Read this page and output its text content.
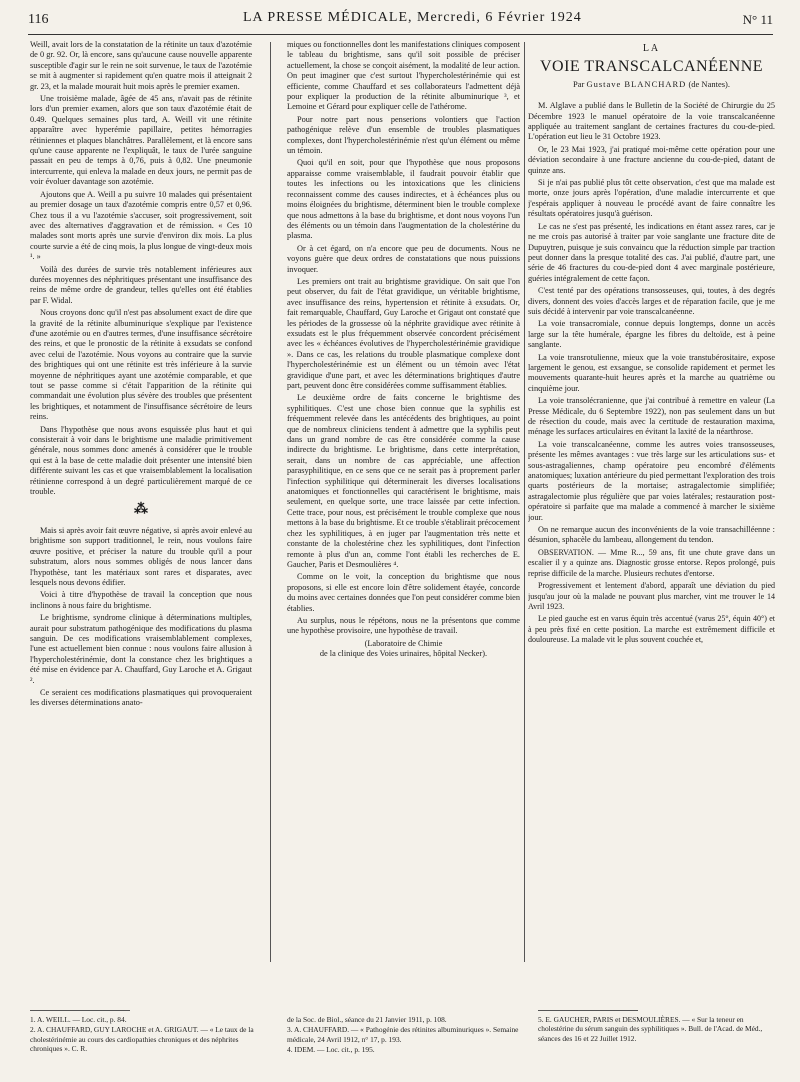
116	LA PRESSE MÉDICALE, Mercredi, 6 Février 1924	N° 11

Weill, avait lors de la constatation de la rétinite un taux d'azotémie de 0 gr. 92. Or, là encore, sans qu'aucune cause nouvelle apparente susceptible d'agir sur le rein ne soit survenue, le taux de l'azotémie se mit à augmenter si rapidement qu'en quatre mois il atteignait 2 gr. 23, et la malade mourait huit mois après le premier examen.

Une troisième malade, âgée de 45 ans, n'avait pas de rétinite lors d'un premier examen, alors que son taux d'azotémie était de 0.49. Quelques semaines plus tard, A. Weill vit une rétinite apparaître avec hyperémie papillaire, petites hémorragies rétiniennes et plaques blanchâtres. Parallèlement, et là encore sans qu'une cause apparente ne l'expliquât, le taux de l'urée sanguine passait en peu de temps à 0,76, puis à 0,82. Une pneumonie intercurrente, qui enleva la malade en deux jours, ne permit pas de voir évoluer davantage son azotémie.

Ajoutons que A. Weill a pu suivre 10 malades qui présentaient au premier dosage un taux d'azotémie compris entre 0,57 et 0,96. Chez tous il a vu l'azotémie s'accuser, soit progressivement, soit avec des alternatives d'aggravation et de rémission. « Ces 10 malades sont morts après une survie d'environ dix mois. La plus courte survie a été de cinq mois, la plus longue de vingt-deux mois ¹. »

Voilà des durées de survie très notablement inférieures aux durées moyennes des néphritiques présentant une insuffisance des reins de même ordre de grandeur, telles qu'elles ont été établies par F. Widal.

Nous croyons donc qu'il n'est pas absolument exact de dire que la gravité de la rétinite albuminurique s'explique par l'existence d'une azotémie ou en d'autres termes, d'une insuffisance sécrétoire des reins, et que le pronostic de la rétinite à exsudats se confond avec celui de l'azotémie. Nous voyons au contraire que la survie des brightiques qui ont une rétinite est très inférieure à la survie moyenne de néphritiques ayant une azotémie comparable, et que tout se passe comme si c'était l'apparition de la rétinite qui commandait une évolution plus sévère des troubles que présentent les brightiques, et notamment de l'insuffisance sécrétoire de leurs reins.

Dans l'hypothèse que nous avons esquissée plus haut et qui consisterait à voir dans le brightisme une maladie primitivement générale, nous sommes donc amenés à considérer que le trouble qui est à la base de cette maladie doit présenter une intensité bien différente suivant les cas et que vraisemblablement la localisation rétinienne correspond à un degré particulièrement marqué de ce trouble.

⁂

Mais si après avoir fait œuvre négative, si après avoir enlevé au brightisme son support traditionnel, le rein, nous voulons faire œuvre positive, et préciser la nature du trouble qu'il a pour substratum, alors nous sommes obligés de nous lancer dans l'hypothèse, tant les matériaux sont rares et disparates, avec lesquels nous devons édifier.

Voici à titre d'hypothèse de travail la conception que nous inclinons à nous faire du brightisme.

Le brightisme, syndrome clinique à déterminations multiples, aurait pour substratum pathogénique des modifications du plasma sanguin. De ces modifications vraisemblablement complexes, l'une est actuellement bien connue : nous voulons faire allusion à l'hypercholestérinémie, dont la constance chez les brightiques a été mise en évidence par A. Chauffard, Guy Laroche et A. Grigaut ².

Ce seraient ces modifications plasmatiques qui provoqueraient les diverses déterminations anato-

miques ou fonctionnelles dont les manifestations cliniques composent le tableau du brightisme, sans qu'il soit possible de préciser actuellement, la chose se conçoit aisément, la modalité de leur action. On peut imaginer que c'est surtout l'hypercholestérinémie qui est efficiente, comme Chauffard et ses collaborateurs l'admettent déjà pour expliquer la production de la rétinite albuminurique ³, et Lemoine et Gérard pour expliquer celle de l'athérome.

Pour notre part nous penserions volontiers que l'action pathogénique relève d'un ensemble de troubles plasmatiques complexes, dont l'hypercholestérinémie n'est qu'un élément ou même un témoin.

Quoi qu'il en soit, pour que l'hypothèse que nous proposons apparaisse comme vraisemblable, il faudrait pouvoir établir que toutes les infections ou les intoxications que les cliniciens reconnaissent comme des causes indirectes, et à échéances plus ou moins éloignées du brightisme, déterminent bien le trouble complexe que nous admettons à la base du brightisme, et dont nous voyons l'un des éléments ou un témoin dans l'augmentation de la cholestérine du plasma.

Or à cet égard, on n'a encore que peu de documents. Nous ne voyons guère que deux ordres de constatations que nous puissions invoquer.

Les premiers ont trait au brightisme gravidique. On sait que l'on peut observer, du fait de l'état gravidique, un véritable brightisme, avec insuffisance des reins, hypertension et rétinite à exsudats. Or, fait remarquable, Chauffard, Guy Laroche et Grigaut ont constaté que les périodes de la grossesse où la néphrite gravidique avec rétinite à exsudats est le plus fréquemment observée concordent précisément avec les « échéances évolutives de l'hypercholestérinémie gravidique ». Dans ce cas, les relations du trouble plasmatique complexe dont l'hypercholestérinémie est un élément ou un témoin avec l'état gravidique d'une part, et avec les déterminations brightiques d'autre part, peuvent donc être considérées comme suffisamment établies.

Le deuxième ordre de faits concerne le brightisme des syphilitiques. C'est une chose bien connue que la syphilis est fréquemment relevée dans les antécédents des brightiques, au point que de nombreux cliniciens tendent à admettre que la syphilis peut dans un grand nombre de cas être considérée comme la cause indirecte du brightisme. Le brightisme, dans cette interprétation, serait, dans un nombre de cas appréciable, une affection parasyphilitique, en ce sens que ce ne serait pas à proprement parler l'infection syphilitique qui déterminerait les diverses localisations anatomiques et fonctionnelles qui caractérisent le brightisme, mais seulement, en quelque sorte, une trace laissée par cette infection. Cette trace, pour nous, est précisément le trouble complexe que nous mettons à la base du brightisme. Et ce trouble s'établirait précocement chez les syphilitiques, à en juger par l'augmentation très nette et constante de la cholestérine chez les syphilitiques, dont l'infection remonte à plus d'un an, comme l'ont établi les recherches de E. Gaucher, Paris et Desmoulières ⁴.

Comme on le voit, la conception du brightisme que nous proposons, si elle est encore loin d'être solidement étayée, concorde du moins avec certaines données que l'on peut considérer comme bien établies.

Au surplus, nous le répétons, nous ne la présentons que comme une hypothèse provisoire, une hypothèse de travail.

(Laboratoire de Chimie
de la clinique des Voies urinaires, hôpital Necker).

LA
VOIE TRANSCALCANÉENNE
Par Gustave BLANCHARD (de Nantes).

M. Alglave a publié dans le Bulletin de la Société de Chirurgie du 25 Décembre 1923 le manuel opératoire de la voie transcalcanéenne appliquée au traitement sanglant de certaines fractures du cou-de-pied. L'opération eut lieu le 31 Octobre 1923.

Or, le 23 Mai 1923, j'ai pratiqué moi-même cette opération pour une déviation secondaire à une fracture ancienne du cou-de-pied, datant de quinze ans.

Si je n'ai pas publié plus tôt cette observation, c'est que ma malade est morte, onze jours après l'opération, d'une maladie intercurrente et que j'espérais appliquer à nouveau le procédé avant de faire connaître les résultats opératoires jusqu'à guérison.

Le cas ne s'est pas présenté, les indications en étant assez rares, car je ne me crois pas autorisé à traiter par voie sanglante une fracture dite de Dupuytren, puisque je suis convaincu que la réduction simple par traction peut donner dans la presque totalité des cas. J'ai publié, d'autre part, une série de 46 fractures du cou-de-pied dont 4 avec marginale postérieure, guéries intégralement de cette façon.

C'est tenté par des opérations transosseuses, qui, toutes, à des degrés divers, donnent des voies d'accès larges et de réparation facile, que je me suis décidé à intervenir par voie transcalcanéenne.

La voie transacromiale, connue depuis longtemps, donne un accès large sur la tête humérale, épargne les fibres du deltoïde, est à peine sanglante.

La voie transrotulienne, mieux que la voie transtubérositaire, expose largement le genou, est exsangue, se consolide rapidement et permet les mouvements quarante-huit heures après et la marche au quatrième ou cinquième jour.

La voie transolécranienne, que j'ai contribué à remettre en valeur (La Presse Médicale, du 6 Septembre 1922), non pas seulement dans un but de résection du coude, mais avec la certitude de restauration maxima, ménage les surfaces articulaires en évitant la laxité de la néarthrose.

La voie transcalcanéenne, comme les autres voies transosseuses, présente les mêmes avantages : vue très large sur les articulations sus- et sous-astragaliennes, champ opératoire peu encombré d'éléments anatomiques; luxation antérieure du pied permettant l'exploration des trois quarts postérieurs de la mortaise; astragalectomie simplifiée; astragalectomie plus régulière que par voies latérales; restauration post-opératoire si parfaite que ma malade a commencé à marcher le sixième jour.

On ne remarque aucun des inconvénients de la voie transachilléenne : désunion, sphacèle du lambeau, allongement du tendon.

OBSERVATION. — Mme R..., 59 ans, fit une chute grave dans un escalier il y a quinze ans. Diagnostic grosse entorse. Repos prolongé, puis reprise difficile de la marche. Plusieurs rechutes d'entorse.

Progressivement et lentement d'abord, apparaît une déviation du pied jusqu'au jour où la malade ne pouvant plus marcher, vint me trouver le 14 Avril 1923.

Le pied gauche est en varus équin très accentué (varus 25°, équin 40°) et à peu près fixé en cette position. La marche est extrêmement difficile et douloureuse. La malade vit le plus souvent couchée et,

1. A. WEILL. — Loc. cit., p. 84.
2. A. CHAUFFARD, GUY LAROCHE et A. GRIGAUT. — « Le taux de la cholestérinémie au cours des cardiopathies chroniques et des néphrites chroniques ». C. R.
de la Soc. de Biol., séance du 21 Janvier 1911, p. 108.
3. A. CHAUFFARD. — « Pathogénie des rétinites albuminuriques ». Semaine médicale, 24 Avril 1912, n° 17, p. 193.
4. IDEM. — Loc. cit., p. 195.
5. E. GAUCHER, PARIS et DESMOULIÈRES. — « Sur la teneur en cholestérine du sérum sanguin des syphilitiques ». Bull. de l'Acad. de Méd., séances des 16 et 22 Juillet 1912.
